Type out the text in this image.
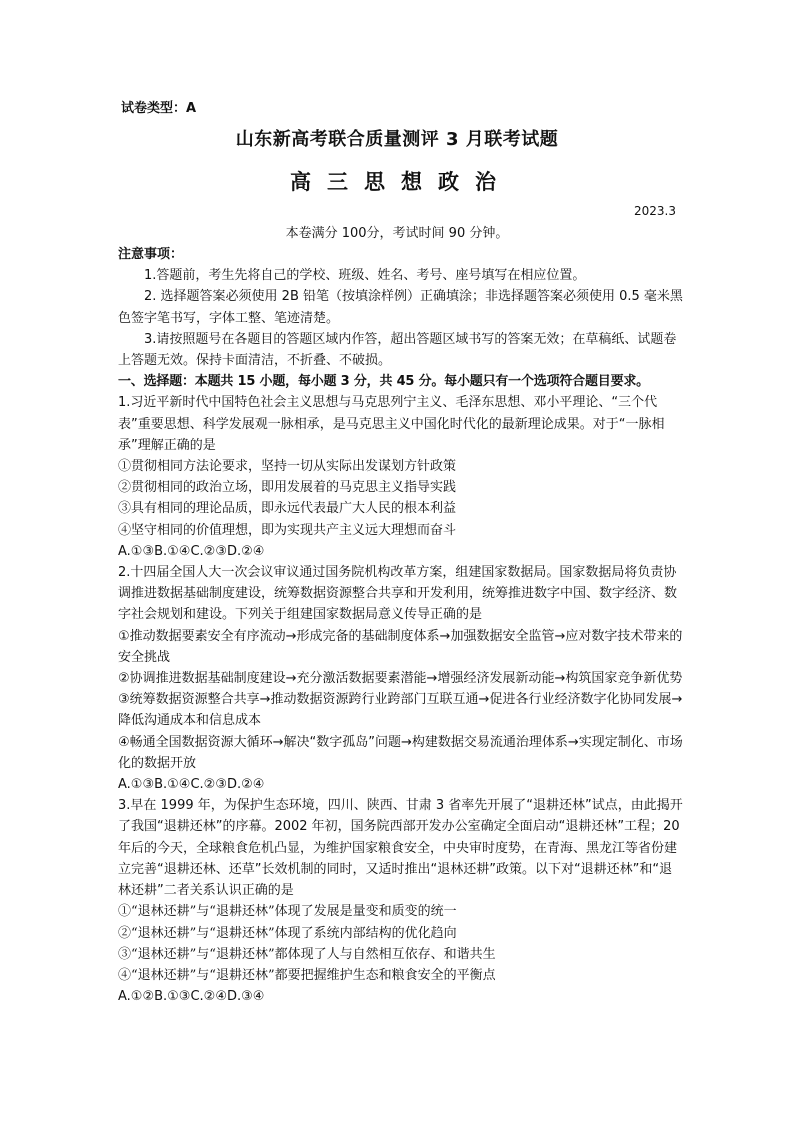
试卷类型：A
山东新高考联合质量测评 3 月联考试题
高三思想政治
2023.3
本卷满分 100分，考试时间 90 分钟。

注意事项：

1.答题前，考生先将自己的学校、班级、姓名、考号、座号填写在相应位置。

2. 选择题答案必须使用 2B 铅笔（按填涂样例）正确填涂；非选择题答案必须使用 0.5 毫米黑色签字笔书写，字体工整、笔迹清楚。

3.请按照题号在各题目的答题区域内作答，超出答题区域书写的答案无效；在草稿纸、试题卷上答题无效。保持卡面清洁，不折叠、不破损。

一、选择题：本题共 15 小题，每小题 3 分，共 45 分。每小题只有一个选项符合题目要求。

1.习近平新时代中国特色社会主义思想与马克思列宁主义、毛泽东思想、邓小平理论、“三个代表”重要思想、科学发展观一脉相承，是马克思主义中国化时代化的最新理论成果。对于“一脉相承”理解正确的是

①贯彻相同方法论要求，坚持一切从实际出发谋划方针政策

②贯彻相同的政治立场，即用发展着的马克思主义指导实践

③具有相同的理论品质，即永远代表最广大人民的根本利益

④坚守相同的价值理想，即为实现共产主义远大理想而奋斗

A.①③B.①④C.②③D.②④

2.十四届全国人大一次会议审议通过国务院机构改革方案，组建国家数据局。国家数据局将负责协调推进数据基础制度建设，统筹数据资源整合共享和开发利用，统筹推进数字中国、数字经济、数字社会规划和建设。下列关于组建国家数据局意义传导正确的是

①推动数据要素安全有序流动→形成完备的基础制度体系→加强数据安全监管→应对数字技术带来的安全挑战

②协调推进数据基础制度建设→充分激活数据要素潜能→增强经济发展新动能→构筑国家竞争新优势

③统筹数据资源整合共享→推动数据资源跨行业跨部门互联互通→促进各行业经济数字化协同发展→降低沟通成本和信息成本

④畅通全国数据资源大循环→解决“数字孤岛”问题→构建数据交易流通治理体系→实现定制化、市场化的数据开放

A.①③B.①④C.②③D.②④

3.早在 1999 年，为保护生态环境，四川、陕西、甘肃 3 省率先开展了“退耕还林”试点，由此揭开了我国“退耕还林”的序幕。2002 年初，国务院西部开发办公室确定全面启动“退耕还林”工程；20 年后的今天，全球粮食危机凸显，为维护国家粮食安全，中央审时度势，在青海、黑龙江等省份建立完善“退耕还林、还草”长效机制的同时，又适时推出“退林还耕”政策。以下对“退耕还林”和“退林还耕”二者关系认识正确的是

①“退林还耕”与“退耕还林”体现了发展是量变和质变的统一

②“退林还耕”与“退耕还林”体现了系统内部结构的优化趋向

③“退林还耕”与“退耕还林”都体现了人与自然相互依存、和谐共生

④“退林还耕”与“退耕还林”都要把握维护生态和粮食安全的平衡点

A.①②B.①③C.②④D.③④
